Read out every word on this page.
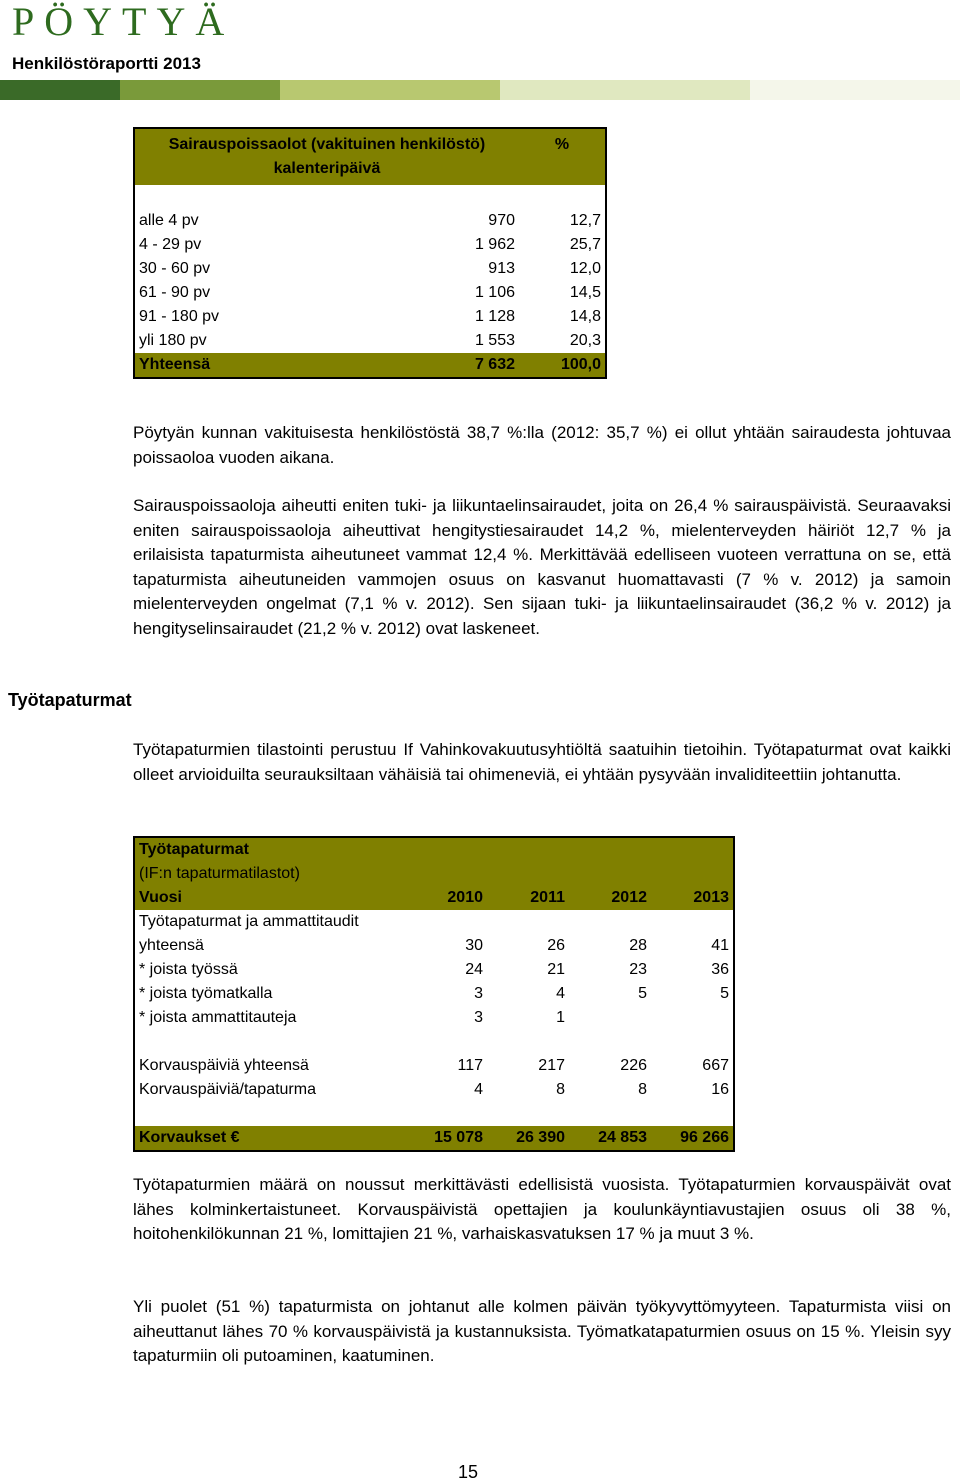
PÖYTYÄ
Henkilöstöraportti 2013
Sairauspoissaolot (vakituinen henkilöstö)	%
kalenteripäivä	

alle 4 pv 970	12,7

4 - 29 pv 1 962	25,7

30 - 60 pv 913	12,0

61 - 90 pv 1 106	14,5

91 - 180 pv 1 128	14,8

yli 180 pv 1 553	20,3

Yhteensä 7 632	100,0
Pöytyän kunnan vakituisesta henkilöstöstä 38,7 %:lla (2012: 35,7 %) ei ollut yhtään sairaudesta johtuvaa poissaoloa vuoden aikana.
Sairauspoissaoloja aiheutti eniten tuki- ja liikuntaelinsairaudet, joita on 26,4 % sairauspäivistä. Seuraavaksi eniten sairauspoissaoloja aiheuttivat hengitystiesairaudet 14,2 %, mielenterveyden häiriöt 12,7 % ja erilaisista tapaturmista aiheutuneet vammat 12,4 %. Merkittävää edelliseen vuoteen verrattuna on se, että tapaturmista aiheutuneiden vammojen osuus on kasvanut huomattavasti (7 % v. 2012) ja samoin mielenterveyden ongelmat (7,1 % v. 2012). Sen sijaan tuki- ja liikuntaelinsairaudet (36,2 % v. 2012) ja hengityselinsairaudet (21,2 % v. 2012) ovat laskeneet.
Työtapaturmat
Työtapaturmien tilastointi perustuu If Vahinkovakuutusyhtiöltä saatuihin tietoihin. Työtapaturmat ovat kaikki olleet arvioiduilta seurauksiltaan vähäisiä tai ohimeneviä, ei yhtään pysyvään invaliditeettiin johtanutta.
Työtapaturmat				
(IF:n tapaturmatilastot)				
Vuosi	2010	2011	2012	2013
Työtapaturmat ja ammattitaudit				
yhteensä	30	26	28	41
* joista työssä	24	21	23	36
* joista työmatkalla	3	4	5	5
* joista ammattitauteja	3	1		

Korvauspäiviä yhteensä	117	217	226	667
Korvauspäiviä/tapaturma	4	8	8	16

Korvaukset €	15 078	26 390	24 853	96 266
Työtapaturmien määrä on noussut merkittävästi edellisistä vuosista. Työtapaturmien korvauspäivät ovat lähes kolminkertaistuneet. Korvauspäivistä opettajien ja koulunkäyntiavustajien osuus oli 38 %, hoitohenkilökunnan 21 %, lomittajien 21 %, varhaiskasvatuksen 17 % ja muut 3 %.
Yli puolet (51 %) tapaturmista on johtanut alle kolmen päivän työkyvyttömyyteen. Tapaturmista viisi on aiheuttanut lähes 70 % korvauspäivistä ja kustannuksista. Työmatkatapaturmien osuus on 15 %. Yleisin syy tapaturmiin oli putoaminen, kaatuminen.
15
